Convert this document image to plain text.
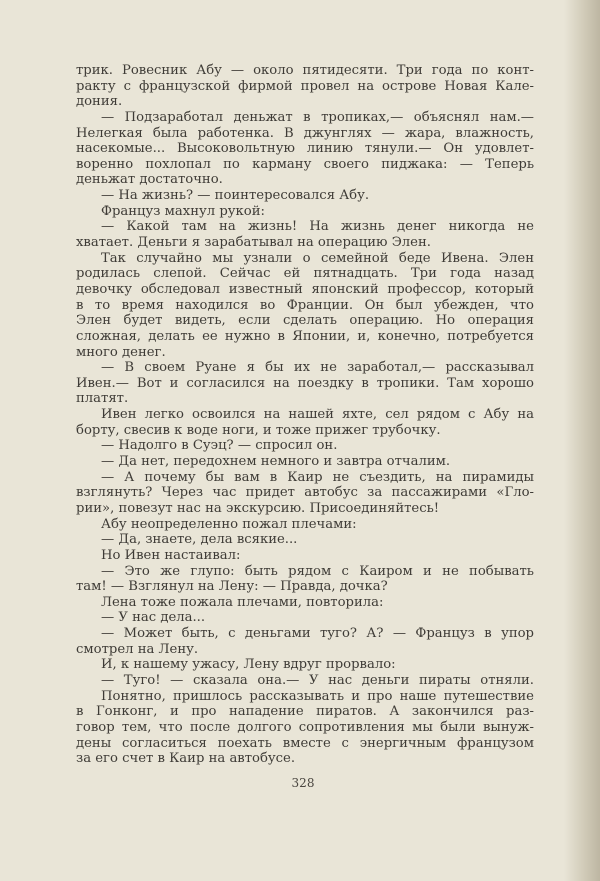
трик. Ровесник Абу — около пятидесяти. Три года по конт-
ракту с французской фирмой провел на острове Новая Кале-
дония.
— Подзаработал деньжат в тропиках,— объяснял нам.—
Нелегкая была работенка. В джунглях — жара, влажность,
насекомые... Высоковольтную линию тянули.— Он удовлет-
воренно похлопал по карману своего пиджака: — Теперь
деньжат достаточно.
— На жизнь? — поинтересовался Абу.
Француз махнул рукой:
— Какой там на жизнь! На жизнь денег никогда не
хватает. Деньги я зарабатывал на операцию Элен.
Так случайно мы узнали о семейной беде Ивена. Элен
родилась слепой. Сейчас ей пятнадцать. Три года назад
девочку обследовал известный японский профессор, который
в то время находился во Франции. Он был убежден, что
Элен будет видеть, если сделать операцию. Но операция
сложная, делать ее нужно в Японии, и, конечно, потребуется
много денег.
— В своем Руане я бы их не заработал,— рассказывал
Ивен.— Вот и согласился на поездку в тропики. Там хорошо
платят.
Ивен легко освоился на нашей яхте, сел рядом с Абу на
борту, свесив к воде ноги, и тоже прижег трубочку.
— Надолго в Суэц? — спросил он.
— Да нет, передохнем немного и завтра отчалим.
— А почему бы вам в Каир не съездить, на пирамиды
взглянуть? Через час придет автобус за пассажирами «Гло-
рии», повезут нас на экскурсию. Присоединяйтесь!
Абу неопределенно пожал плечами:
— Да, знаете, дела всякие...
Но Ивен настаивал:
— Это же глупо: быть рядом с Каиром и не побывать
там! — Взглянул на Лену: — Правда, дочка?
Лена тоже пожала плечами, повторила:
— У нас дела...
— Может быть, с деньгами туго? А? — Француз в упор
смотрел на Лену.
И, к нашему ужасу, Лену вдруг прорвало:
— Туго! — сказала она.— У нас деньги пираты отняли.
Понятно, пришлось рассказывать и про наше путешествие
в Гонконг, и про нападение пиратов. А закончился раз-
говор тем, что после долгого сопротивления мы были вынуж-
дены согласиться поехать вместе с энергичным французом
за его счет в Каир на автобусе.
328
